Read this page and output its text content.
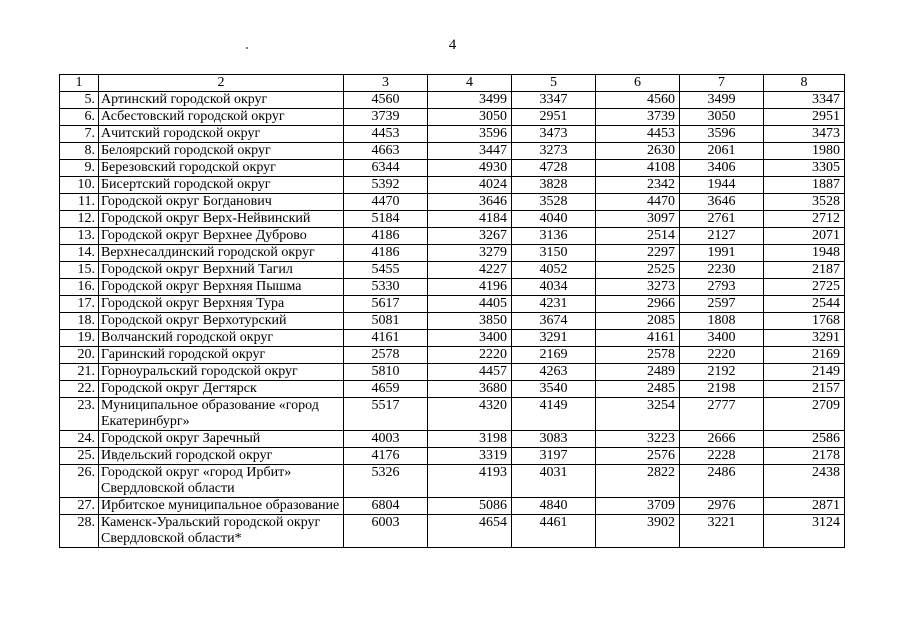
4
1	2	3	4	5	6	7	8
5.	Артинский городской округ	4560	3499	3347	4560	3499	3347
6.	Асбестовский городской округ	3739	3050	2951	3739	3050	2951
7.	Ачитский городской округ	4453	3596	3473	4453	3596	3473
8.	Белоярский городской округ	4663	3447	3273	2630	2061	1980
9.	Березовский городской округ	6344	4930	4728	4108	3406	3305
10.	Бисертский городской округ	5392	4024	3828	2342	1944	1887
11.	Городской округ Богданович	4470	3646	3528	4470	3646	3528
12.	Городской округ Верх-Нейвинский	5184	4184	4040	3097	2761	2712
13.	Городской округ Верхнее Дуброво	4186	3267	3136	2514	2127	2071
14.	Верхнесалдинский городской округ	4186	3279	3150	2297	1991	1948
15.	Городской округ Верхний Тагил	5455	4227	4052	2525	2230	2187
16.	Городской округ Верхняя Пышма	5330	4196	4034	3273	2793	2725
17.	Городской округ Верхняя Тура	5617	4405	4231	2966	2597	2544
18.	Городской округ Верхотурский	5081	3850	3674	2085	1808	1768
19.	Волчанский городской округ	4161	3400	3291	4161	3400	3291
20.	Гаринский городской округ	2578	2220	2169	2578	2220	2169
21.	Горноуральский городской округ	5810	4457	4263	2489	2192	2149
22.	Городской округ Дегтярск	4659	3680	3540	2485	2198	2157
23.	Муниципальное образование «город Екатеринбург»	5517	4320	4149	3254	2777	2709
24.	Городской округ Заречный	4003	3198	3083	3223	2666	2586
25.	Ивдельский городской округ	4176	3319	3197	2576	2228	2178
26.	Городской округ «город Ирбит» Свердловской области	5326	4193	4031	2822	2486	2438
27.	Ирбитское муниципальное образование	6804	5086	4840	3709	2976	2871
28.	Каменск-Уральский городской округ Свердловской области*	6003	4654	4461	3902	3221	3124
